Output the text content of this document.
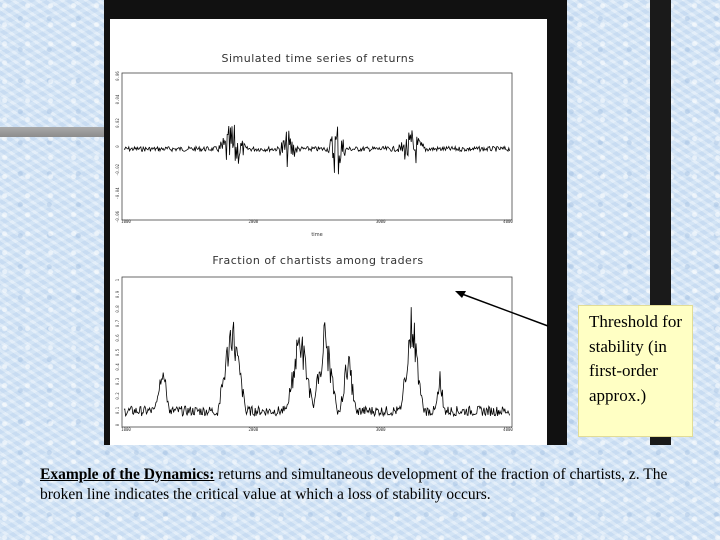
Simulated time series of returns
0.06
0.04
0.02
0
-0.02
-0.04
-0.06 1000	2000	3000	4000
time
Fraction of chartists among traders
1
0.9
0.8
0.7
0.6
0.5
0.4
0.3
0.2
0.1
0
1000	2000	3000	4000
Threshold for stability (in first-order approx.)
Example of the Dynamics: returns and simultaneous development of the fraction of chartists, z. The broken line indicates the critical value at which a loss of stability occurs.
